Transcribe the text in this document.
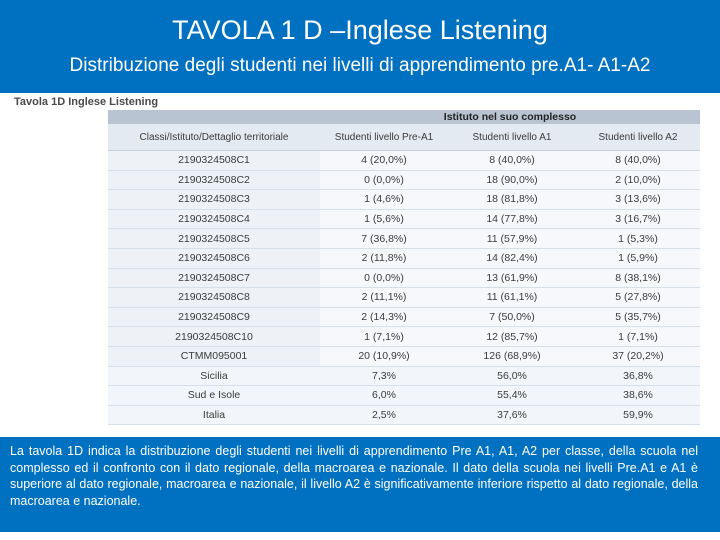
TAVOLA 1 D –Inglese Listening
Distribuzione degli studenti nei livelli di apprendimento pre.A1- A1-A2
Tavola 1D Inglese Listening
	Istituto nel suo complesso		
Classi/Istituto/Dettaglio territoriale	Studenti livello Pre-A1	Studenti livello A1	Studenti livello A2
2190324508C1	4 (20,0%)	8 (40,0%)	8 (40,0%)
2190324508C2	0 (0,0%)	18 (90,0%)	2 (10,0%)
2190324508C3	1 (4,6%)	18 (81,8%)	3 (13,6%)
2190324508C4	1 (5,6%)	14 (77,8%)	3 (16,7%)
2190324508C5	7 (36,8%)	11 (57,9%)	1 (5,3%)
2190324508C6	2 (11,8%)	14 (82,4%)	1 (5,9%)
2190324508C7	0 (0,0%)	13 (61,9%)	8 (38,1%)
2190324508C8	2 (11,1%)	11 (61,1%)	5 (27,8%)
2190324508C9	2 (14,3%)	7 (50,0%)	5 (35,7%)
2190324508C10	1 (7,1%)	12 (85,7%)	1 (7,1%)
CTMM095001	20 (10,9%)	126 (68,9%)	37 (20,2%)
Sicilia	7,3%	56,0%	36,8%
Sud e Isole	6,0%	55,4%	38,6%
Italia	2,5%	37,6%	59,9%
La tavola 1D indica la distribuzione degli studenti nei livelli di apprendimento Pre A1, A1, A2 per classe, della scuola nel complesso ed il confronto con il dato regionale, della macroarea e nazionale. Il dato della scuola nei livelli Pre.A1 e A1 è superiore al dato regionale, macroarea e nazionale, il livello A2 è significativamente inferiore rispetto al dato regionale, della macroarea e nazionale.
